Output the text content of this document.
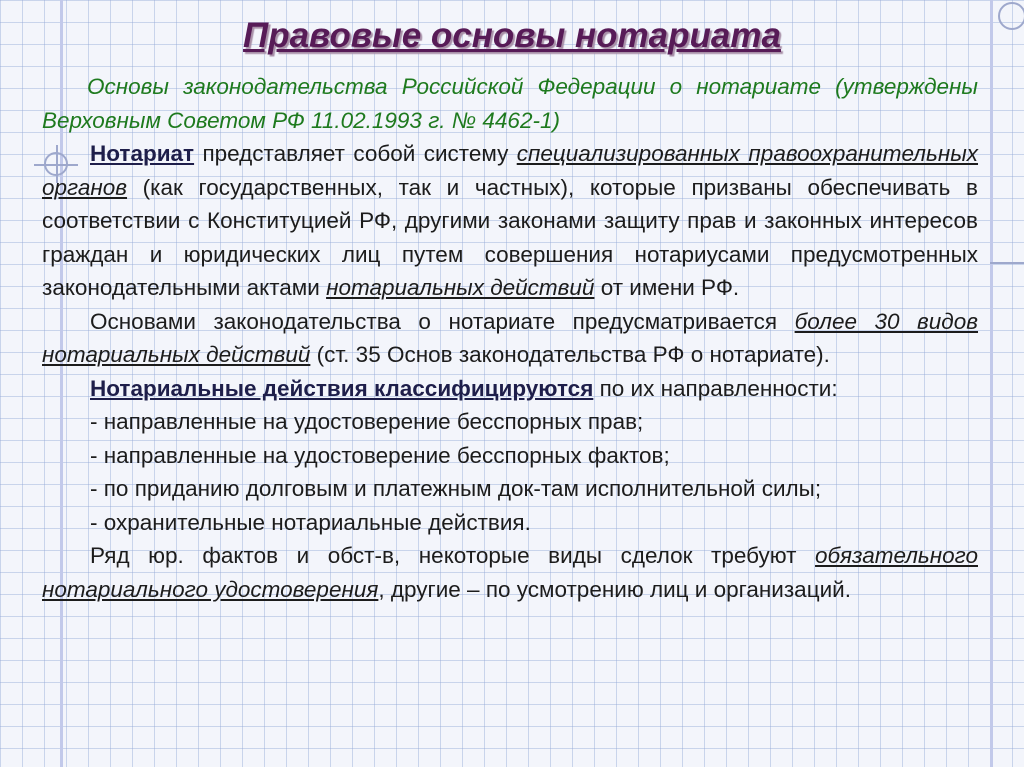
Правовые основы нотариата

Основы законодательства Российской Федерации о нотариате (утверждены Верховным Советом РФ 11.02.1993 г. № 4462-1)

Нотариат представляет собой систему специализированных правоохранительных органов (как государственных, так и частных), которые призваны обеспечивать в соответствии с Конституцией РФ, другими законами защиту прав и законных интересов граждан и юридических лиц путем совершения нотариусами предусмотренных законодательными актами нотариальных действий от имени РФ.

Основами законодательства о нотариате предусматривается более 30 видов нотариальных действий (ст. 35 Основ законодательства РФ о нотариате).

Нотариальные действия классифицируются по их направленности:

- направленные на удостоверение бесспорных прав;

- направленные на удостоверение бесспорных фактов;

- по приданию долговым и платежным док-там исполнительной силы;

- охранительные нотариальные действия.

Ряд юр. фактов и обст-в, некоторые виды сделок требуют обязательного нотариального удостоверения, другие – по усмотрению лиц и организаций.
